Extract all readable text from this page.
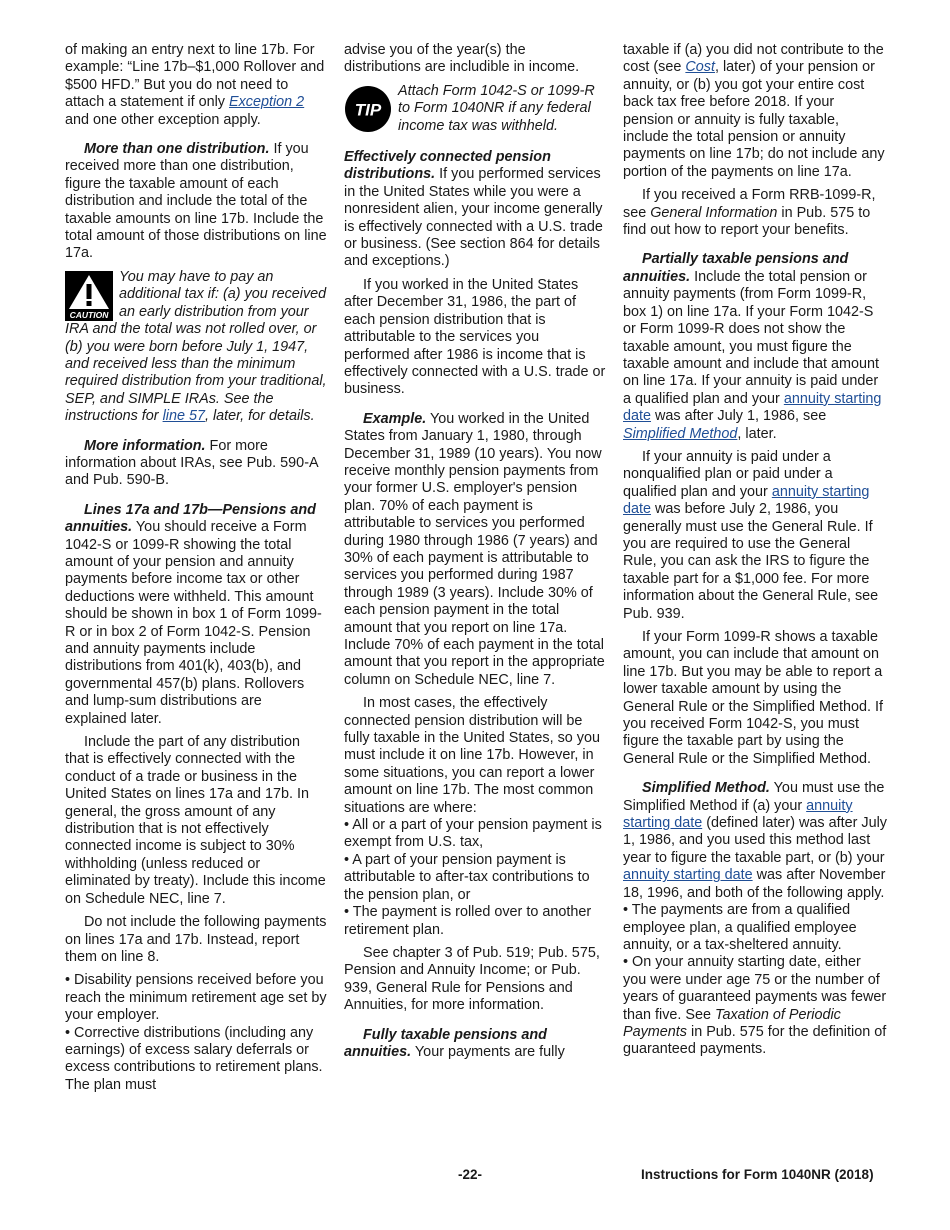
of making an entry next to line 17b. For example: “Line 17b–$1,000 Rollover and $500 HFD.” But you do not need to attach a statement if only Exception 2 and one other exception apply.

More than one distribution. If you received more than one distribution, figure the taxable amount of each distribution and include the total of the taxable amounts on line 17b. Include the total amount of those distributions on line 17a.

CAUTION
You may have to pay an additional tax if: (a) you received an early distribution from your IRA and the total was not rolled over, or (b) you were born before July 1, 1947, and received less than the minimum required distribution from your traditional, SEP, and SIMPLE IRAs. See the instructions for line 57, later, for details.

More information. For more information about IRAs, see Pub. 590-A and Pub. 590-B.

Lines 17a and 17b—Pensions and annuities. You should receive a Form 1042-S or 1099-R showing the total amount of your pension and annuity payments before income tax or other deductions were withheld. This amount should be shown in box 1 of Form 1099-R or in box 2 of Form 1042-S. Pension and annuity payments include distributions from 401(k), 403(b), and governmental 457(b) plans. Rollovers and lump-sum distributions are explained later.

Include the part of any distribution that is effectively connected with the conduct of a trade or business in the United States on lines 17a and 17b. In general, the gross amount of any distribution that is not effectively connected income is subject to 30% withholding (unless reduced or eliminated by treaty). Include this income on Schedule NEC, line 7.

Do not include the following payments on lines 17a and 17b. Instead, report them on line 8.

• Disability pensions received before you reach the minimum retirement age set by your employer.
• Corrective distributions (including any earnings) of excess salary deferrals or excess contributions to retirement plans. The plan must

advise you of the year(s) the distributions are includible in income.

TIP
Attach Form 1042-S or 1099-R to Form 1040NR if any federal income tax was withheld.

Effectively connected pension distributions. If you performed services in the United States while you were a nonresident alien, your income generally is effectively connected with a U.S. trade or business. (See section 864 for details and exceptions.)

If you worked in the United States after December 31, 1986, the part of each pension distribution that is attributable to the services you performed after 1986 is income that is effectively connected with a U.S. trade or business.

Example. You worked in the United States from January 1, 1980, through December 31, 1989 (10 years). You now receive monthly pension payments from your former U.S. employer's pension plan. 70% of each payment is attributable to services you performed during 1980 through 1986 (7 years) and 30% of each payment is attributable to services you performed during 1987 through 1989 (3 years). Include 30% of each pension payment in the total amount that you report on line 17a. Include 70% of each payment in the total amount that you report in the appropriate column on Schedule NEC, line 7.

In most cases, the effectively connected pension distribution will be fully taxable in the United States, so you must include it on line 17b. However, in some situations, you can report a lower amount on line 17b. The most common situations are where:

• All or a part of your pension payment is exempt from U.S. tax,
• A part of your pension payment is attributable to after-tax contributions to the pension plan, or
• The payment is rolled over to another retirement plan.

See chapter 3 of Pub. 519; Pub. 575, Pension and Annuity Income; or Pub. 939, General Rule for Pensions and Annuities, for more information.

Fully taxable pensions and annuities. Your payments are fully

taxable if (a) you did not contribute to the cost (see Cost, later) of your pension or annuity, or (b) you got your entire cost back tax free before 2018. If your pension or annuity is fully taxable, include the total pension or annuity payments on line 17b; do not include any portion of the payments on line 17a.

If you received a Form RRB-1099-R, see General Information in Pub. 575 to find out how to report your benefits.

Partially taxable pensions and annuities. Include the total pension or annuity payments (from Form 1099-R, box 1) on line 17a. If your Form 1042-S or Form 1099-R does not show the taxable amount, you must figure the taxable amount and include that amount on line 17a. If your annuity is paid under a qualified plan and your annuity starting date was after July 1, 1986, see Simplified Method, later.

If your annuity is paid under a nonqualified plan or paid under a qualified plan and your annuity starting date was before July 2, 1986, you generally must use the General Rule. If you are required to use the General Rule, you can ask the IRS to figure the taxable part for a $1,000 fee. For more information about the General Rule, see Pub. 939.

If your Form 1099-R shows a taxable amount, you can include that amount on line 17b. But you may be able to report a lower taxable amount by using the General Rule or the Simplified Method. If you received Form 1042-S, you must figure the taxable part by using the General Rule or the Simplified Method.

Simplified Method. You must use the Simplified Method if (a) your annuity starting date (defined later) was after July 1, 1986, and you used this method last year to figure the taxable part, or (b) your annuity starting date was after November 18, 1996, and both of the following apply.

• The payments are from a qualified employee plan, a qualified employee annuity, or a tax-sheltered annuity.
• On your annuity starting date, either you were under age 75 or the number of years of guaranteed payments was fewer than five. See Taxation of Periodic Payments in Pub. 575 for the definition of guaranteed payments.
-22-	Instructions for Form 1040NR (2018)
